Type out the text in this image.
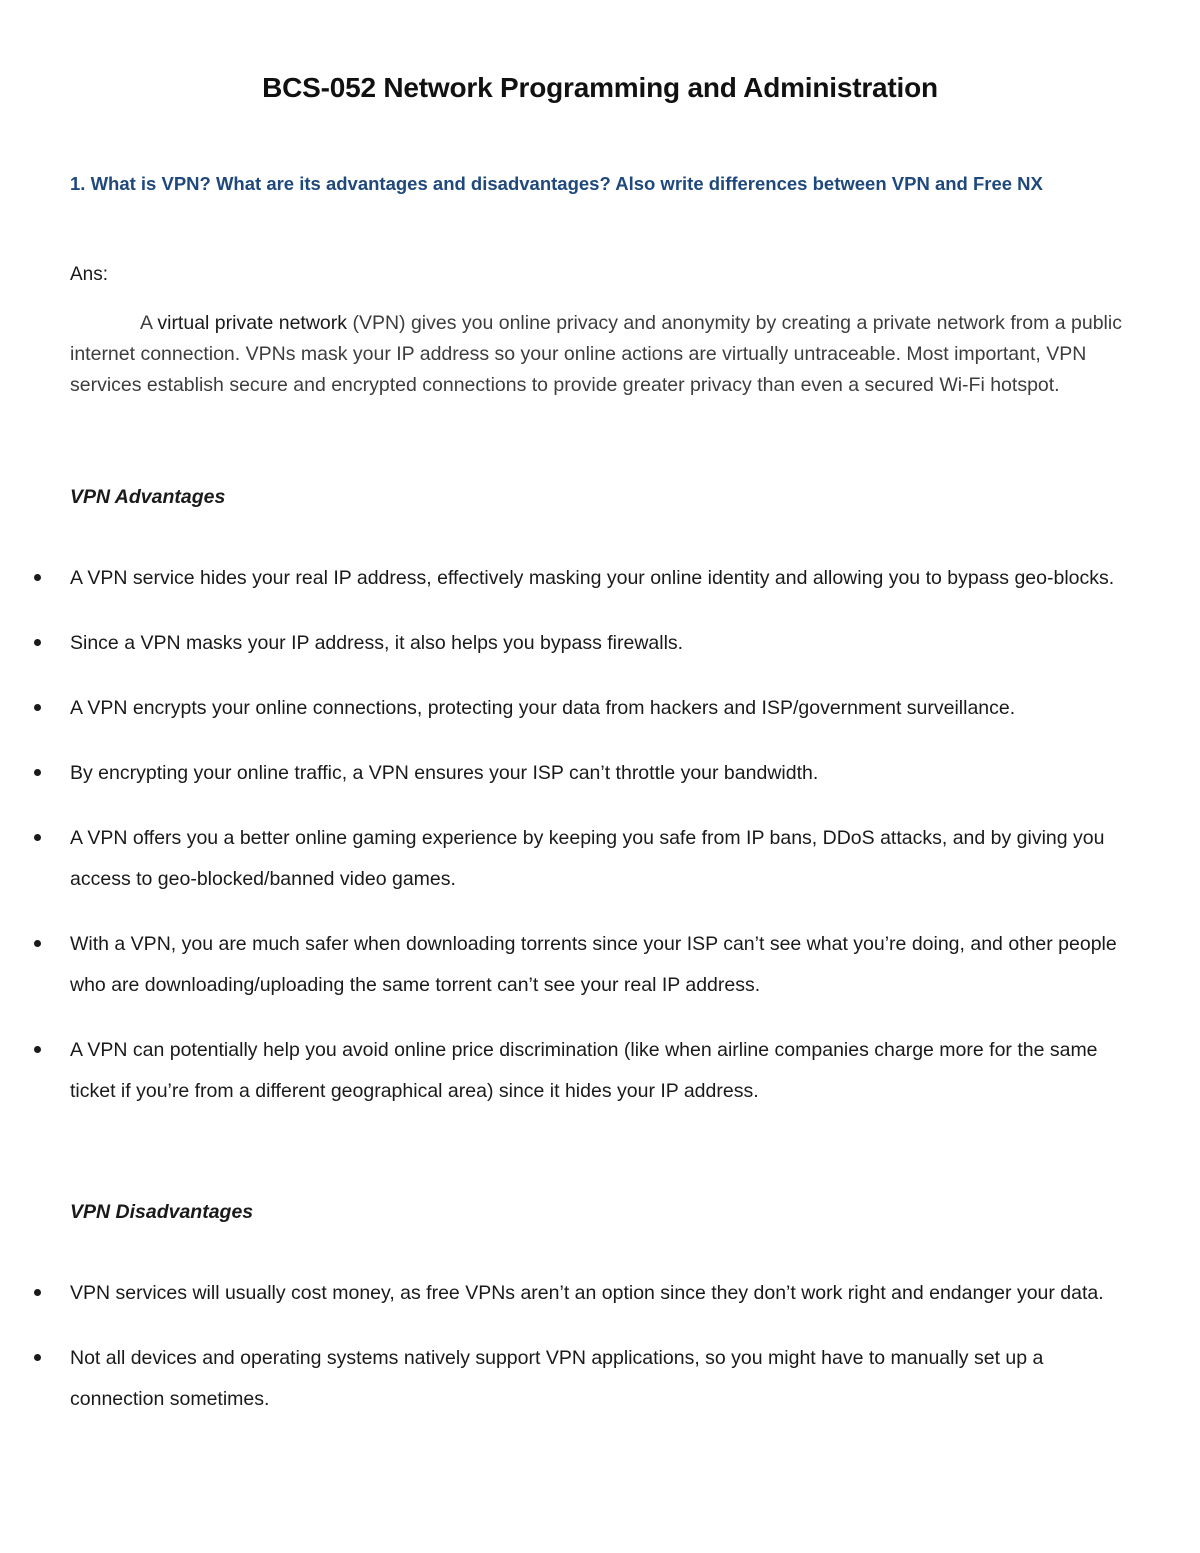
BCS-052 Network Programming and Administration
1. What is VPN? What are its advantages and disadvantages? Also write differences between VPN and Free NX
Ans:
A virtual private network (VPN) gives you online privacy and anonymity by creating a private network from a public internet connection. VPNs mask your IP address so your online actions are virtually untraceable. Most important, VPN services establish secure and encrypted connections to provide greater privacy than even a secured Wi-Fi hotspot.
VPN Advantages
A VPN service hides your real IP address, effectively masking your online identity and allowing you to bypass geo-blocks.
Since a VPN masks your IP address, it also helps you bypass firewalls.
A VPN encrypts your online connections, protecting your data from hackers and ISP/government surveillance.
By encrypting your online traffic, a VPN ensures your ISP can’t throttle your bandwidth.
A VPN offers you a better online gaming experience by keeping you safe from IP bans, DDoS attacks, and by giving you access to geo-blocked/banned video games.
With a VPN, you are much safer when downloading torrents since your ISP can’t see what you’re doing, and other people who are downloading/uploading the same torrent can’t see your real IP address.
A VPN can potentially help you avoid online price discrimination (like when airline companies charge more for the same ticket if you’re from a different geographical area) since it hides your IP address.
VPN Disadvantages
VPN services will usually cost money, as free VPNs aren’t an option since they don’t work right and endanger your data.
Not all devices and operating systems natively support VPN applications, so you might have to manually set up a connection sometimes.
